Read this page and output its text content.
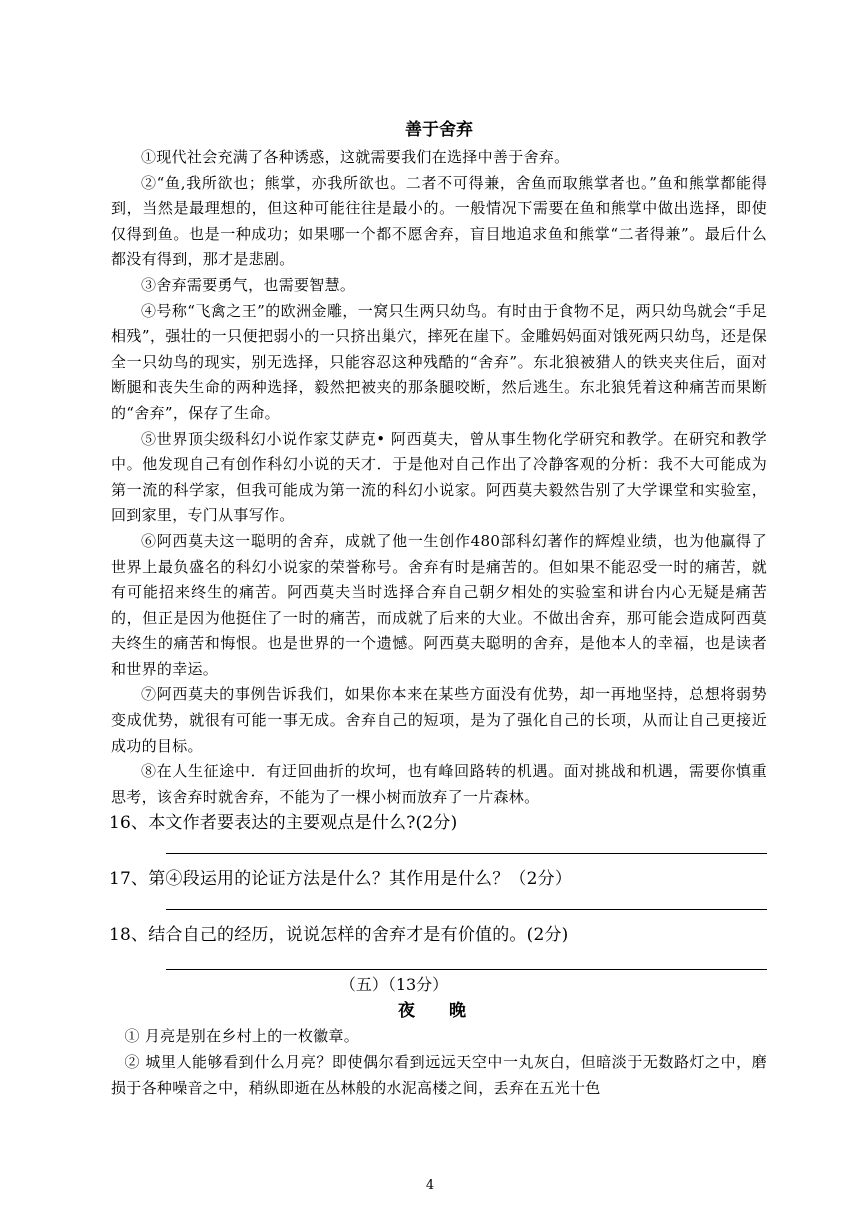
善于舍弃

①现代社会充满了各种诱惑，这就需要我们在选择中善于舍弃。

②“鱼,我所欲也；熊掌，亦我所欲也。二者不可得兼，舍鱼而取熊掌者也。”鱼和熊掌都能得到，当然是最理想的，但这种可能往往是最小的。一般情况下需要在鱼和熊掌中做出选择，即使仅得到鱼。也是一种成功；如果哪一个都不愿舍弃，盲目地追求鱼和熊掌“二者得兼”。最后什么都没有得到，那才是悲剧。

③舍弃需要勇气，也需要智慧。

④号称“飞禽之王”的欧洲金雕，一窝只生两只幼鸟。有时由于食物不足，两只幼鸟就会“手足相残”，强壮的一只便把弱小的一只挤出巢穴，摔死在崖下。金雕妈妈面对饿死两只幼鸟，还是保全一只幼鸟的现实，别无选择，只能容忍这种残酷的“舍弃”。东北狼被猎人的铁夹夹住后，面对断腿和丧失生命的两种选择，毅然把被夹的那条腿咬断，然后逃生。东北狼凭着这种痛苦而果断的“舍弃”，保存了生命。

⑤世界顶尖级科幻小说作家艾萨克• 阿西莫夫，曾从事生物化学研究和教学。在研究和教学中。他发现自己有创作科幻小说的天才．于是他对自己作出了冷静客观的分析：我不大可能成为第一流的科学家，但我可能成为第一流的科幻小说家。阿西莫夫毅然告别了大学课堂和实验室，回到家里，专门从事写作。

⑥阿西莫夫这一聪明的舍弃，成就了他一生创作480部科幻著作的辉煌业绩，也为他赢得了世界上最负盛名的科幻小说家的荣誉称号。舍弃有时是痛苦的。但如果不能忍受一时的痛苦，就有可能招来终生的痛苦。阿西莫夫当时选择合弃自己朝夕相处的实验室和讲台内心无疑是痛苦的，但正是因为他挺住了一时的痛苦，而成就了后来的大业。不做出舍弃，那可能会造成阿西莫夫终生的痛苦和悔恨。也是世界的一个遗憾。阿西莫夫聪明的舍弃，是他本人的幸福，也是读者和世界的幸运。

⑦阿西莫夫的事例告诉我们，如果你本来在某些方面没有优势，却一再地坚持，总想将弱势变成优势，就很有可能一事无成。舍弃自己的短项，是为了强化自己的长项，从而让自己更接近成功的目标。

⑧在人生征途中．有迂回曲折的坎坷，也有峰回路转的机遇。面对挑战和机遇，需要你慎重思考，该舍弃时就舍弃，不能为了一棵小树而放弃了一片森林。

16、本文作者要表达的主要观点是什么?(2分)

17、第④段运用的论证方法是什么？其作用是什么？（2分）

18、结合自己的经历，说说怎样的舍弃才是有价值的。(2分)

（五）（13分）

夜 晚

① 月亮是别在乡村上的一枚徽章。

② 城里人能够看到什么月亮？即使偶尔看到远远天空中一丸灰白，但暗淡于无数路灯之中，磨损于各种噪音之中，稍纵即逝在丛林般的水泥高楼之间，丢弃在五光十色

4
